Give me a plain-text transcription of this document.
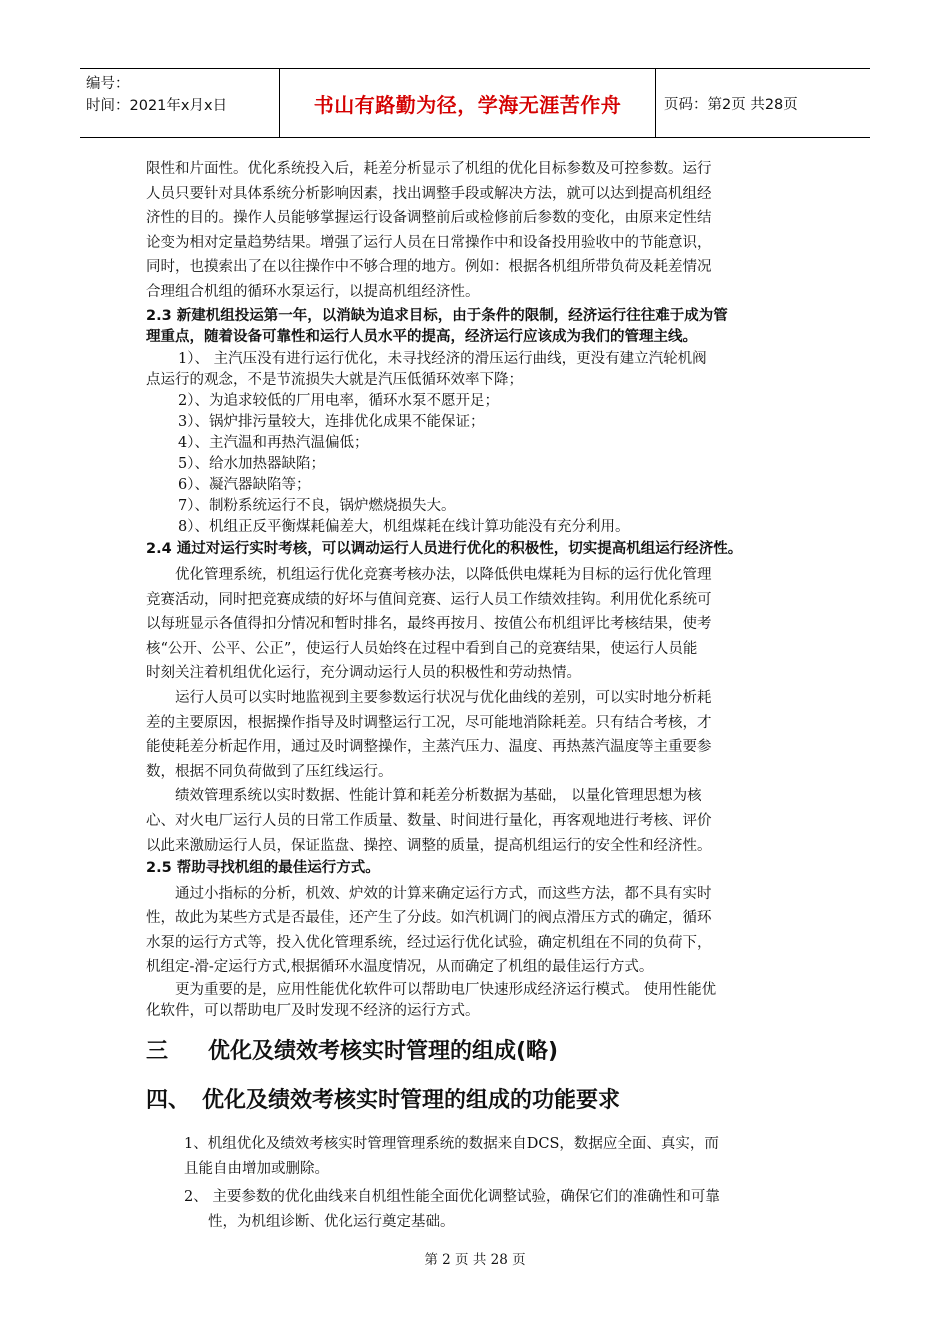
编号：
时间：2021年x月x日	书山有路勤为径，学海无涯苦作舟	页码：第2页 共28页

限性和片面性。优化系统投入后，耗差分析显示了机组的优化目标参数及可控参数。运行

人员只要针对具体系统分析影响因素，找出调整手段或解决方法，就可以达到提高机组经

济性的目的。操作人员能够掌握运行设备调整前后或检修前后参数的变化，由原来定性结

论变为相对定量趋势结果。增强了运行人员在日常操作中和设备投用验收中的节能意识，

同时，也摸索出了在以往操作中不够合理的地方。例如：根据各机组所带负荷及耗差情况

合理组合机组的循环水泵运行，以提高机组经济性。

2.3 新建机组投运第一年，以消缺为追求目标，由于条件的限制，经济运行往往难于成为管

理重点，随着设备可靠性和运行人员水平的提高，经济运行应该成为我们的管理主线。

1）、 主汽压没有进行运行优化，未寻找经济的滑压运行曲线，更没有建立汽轮机阀

点运行的观念，不是节流损失大就是汽压低循环效率下降；

2）、为追求较低的厂用电率，循环水泵不愿开足；

3）、锅炉排污量较大，连排优化成果不能保证；

4）、主汽温和再热汽温偏低；

5）、给水加热器缺陷；

6）、凝汽器缺陷等；

7）、制粉系统运行不良，锅炉燃烧损失大。

8）、机组正反平衡煤耗偏差大，机组煤耗在线计算功能没有充分利用。

2.4 通过对运行实时考核，可以调动运行人员进行优化的积极性，切实提高机组运行经济性。

优化管理系统，机组运行优化竞赛考核办法，以降低供电煤耗为目标的运行优化管理

竞赛活动，同时把竞赛成绩的好坏与值间竞赛、运行人员工作绩效挂钩。利用优化系统可

以每班显示各值得扣分情况和暂时排名，最终再按月、按值公布机组评比考核结果，使考

核“公开、公平、公正”，使运行人员始终在过程中看到自己的竞赛结果，使运行人员能

时刻关注着机组优化运行，充分调动运行人员的积极性和劳动热情。

运行人员可以实时地监视到主要参数运行状况与优化曲线的差别，可以实时地分析耗

差的主要原因，根据操作指导及时调整运行工况，尽可能地消除耗差。只有结合考核，才

能使耗差分析起作用，通过及时调整操作，主蒸汽压力、温度、再热蒸汽温度等主重要参

数，根据不同负荷做到了压红线运行。

绩效管理系统以实时数据、性能计算和耗差分析数据为基础， 以量化管理思想为核

心、对火电厂运行人员的日常工作质量、数量、时间进行量化，再客观地进行考核、评价

以此来激励运行人员，保证监盘、操控、调整的质量，提高机组运行的安全性和经济性。

2.5 帮助寻找机组的最佳运行方式。

通过小指标的分析，机效、炉效的计算来确定运行方式，而这些方法，都不具有实时

性，故此为某些方式是否最佳，还产生了分歧。如汽机调门的阀点滑压方式的确定，循环

水泵的运行方式等，投入优化管理系统，经过运行优化试验，确定机组在不同的负荷下，

机组定-滑-定运行方式,根据循环水温度情况，从而确定了机组的最佳运行方式。

更为重要的是，应用性能优化软件可以帮助电厂快速形成经济运行模式。 使用性能优

化软件，可以帮助电厂及时发现不经济的运行方式。

三 优化及绩效考核实时管理的组成(略)

四、 优化及绩效考核实时管理的组成的功能要求

1、机组优化及绩效考核实时管理管理系统的数据来自DCS，数据应全面、真实，而

且能自由增加或删除。

2、 主要参数的优化曲线来自机组性能全面优化调整试验，确保它们的准确性和可靠

性，为机组诊断、优化运行奠定基础。

第 2 页 共 28 页
